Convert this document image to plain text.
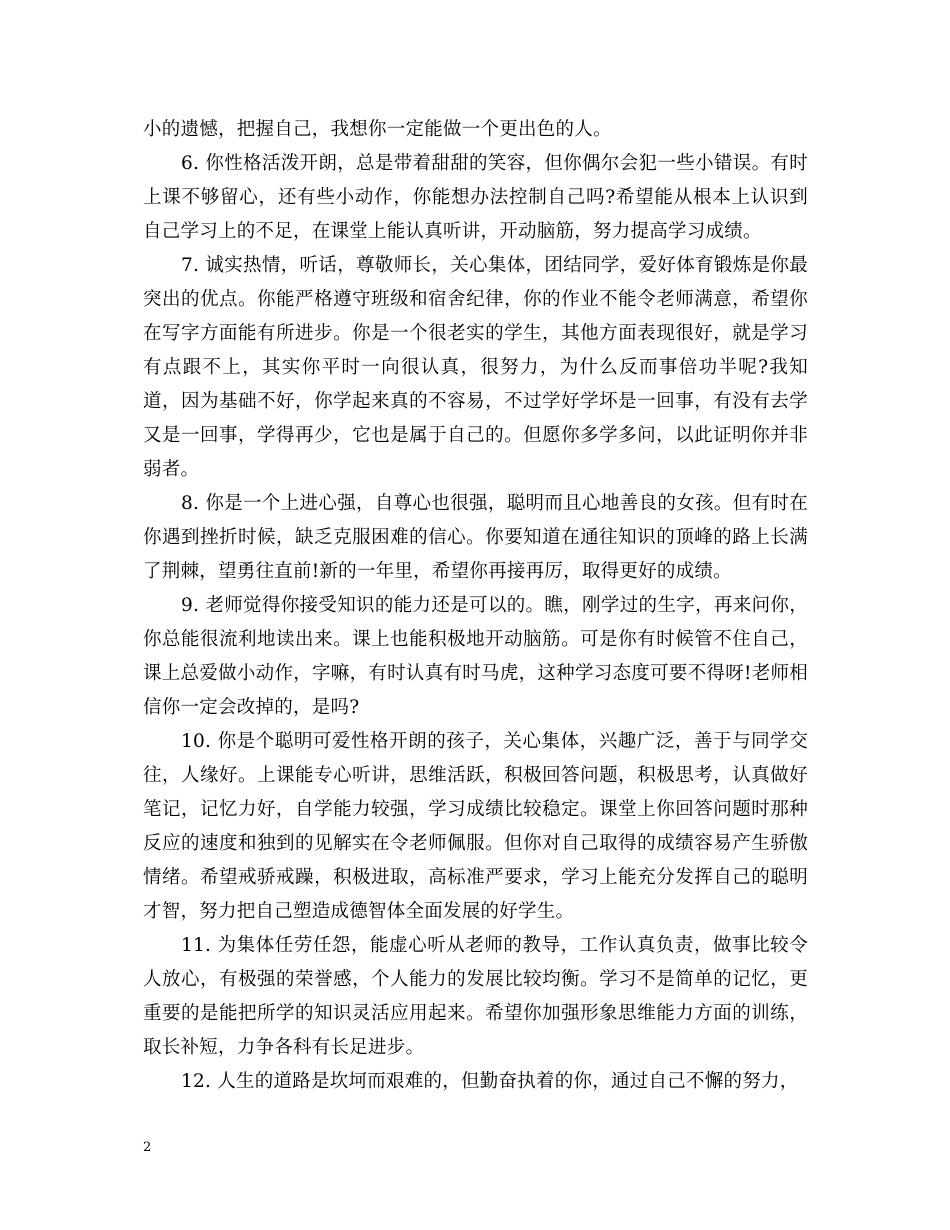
小的遗憾，把握自己，我想你一定能做一个更出色的人。

6. 你性格活泼开朗，总是带着甜甜的笑容，但你偶尔会犯一些小错误。有时上课不够留心，还有些小动作，你能想办法控制自己吗?希望能从根本上认识到自己学习上的不足，在课堂上能认真听讲，开动脑筋，努力提高学习成绩。

7. 诚实热情，听话，尊敬师长，关心集体，团结同学，爱好体育锻炼是你最突出的优点。你能严格遵守班级和宿舍纪律，你的作业不能令老师满意，希望你在写字方面能有所进步。你是一个很老实的学生，其他方面表现很好，就是学习有点跟不上，其实你平时一向很认真，很努力，为什么反而事倍功半呢?我知道，因为基础不好，你学起来真的不容易，不过学好学坏是一回事，有没有去学又是一回事，学得再少，它也是属于自己的。但愿你多学多问，以此证明你并非弱者。

8. 你是一个上进心强，自尊心也很强，聪明而且心地善良的女孩。但有时在你遇到挫折时候，缺乏克服困难的信心。你要知道在通往知识的顶峰的路上长满了荆棘，望勇往直前!新的一年里，希望你再接再厉，取得更好的成绩。

9. 老师觉得你接受知识的能力还是可以的。瞧，刚学过的生字，再来问你，你总能很流利地读出来。课上也能积极地开动脑筋。可是你有时候管不住自己，课上总爱做小动作，字嘛，有时认真有时马虎，这种学习态度可要不得呀!老师相信你一定会改掉的，是吗?

10. 你是个聪明可爱性格开朗的孩子，关心集体，兴趣广泛，善于与同学交往，人缘好。上课能专心听讲，思维活跃，积极回答问题，积极思考，认真做好笔记，记忆力好，自学能力较强，学习成绩比较稳定。课堂上你回答问题时那种反应的速度和独到的见解实在令老师佩服。但你对自己取得的成绩容易产生骄傲情绪。希望戒骄戒躁，积极进取，高标准严要求，学习上能充分发挥自己的聪明才智，努力把自己塑造成德智体全面发展的好学生。

11. 为集体任劳任怨，能虚心听从老师的教导，工作认真负责，做事比较令人放心，有极强的荣誉感，个人能力的发展比较均衡。学习不是简单的记忆，更重要的是能把所学的知识灵活应用起来。希望你加强形象思维能力方面的训练，取长补短，力争各科有长足进步。

12. 人生的道路是坎坷而艰难的，但勤奋执着的你，通过自己不懈的努力，

2
